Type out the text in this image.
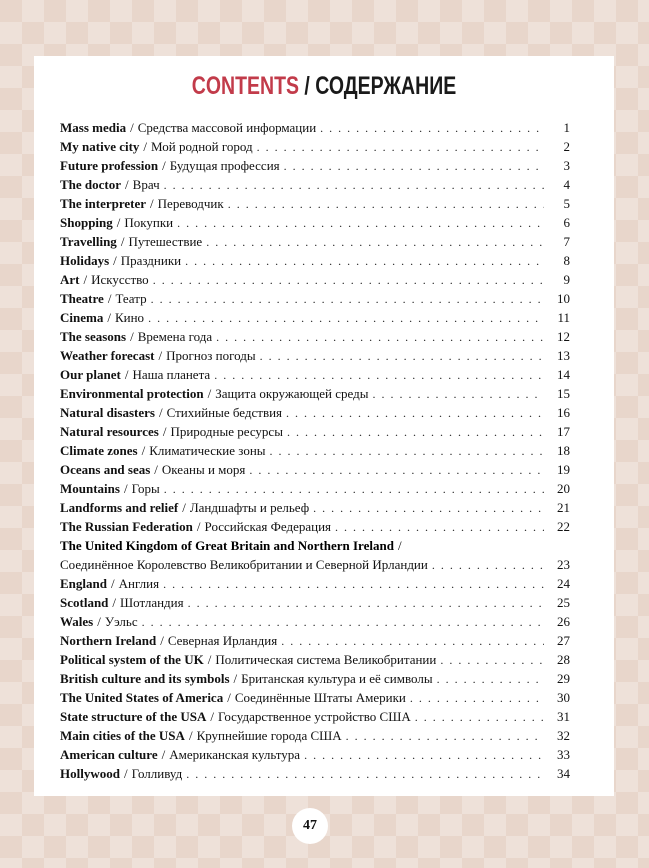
CONTENTS / СОДЕРЖАНИЕ
Mass media / Средства массовой информации . . .	1
My native city / Мой родной город . . .	2
Future profession / Будущая профессия . . .	3
The doctor / Врач . . .	4
The interpreter / Переводчик . . .	5
Shopping / Покупки . . .	6
Travelling / Путешествие . . .	7
Holidays / Праздники . . .	8
Art / Искусство . . .	9
Theatre / Театр . . .	10
Cinema / Кино . . .	11
The seasons / Времена года . . .	12
Weather forecast / Прогноз погоды . . .	13
Our planet / Наша планета . . .	14
Environmental protection / Защита окружающей среды . . .	15
Natural disasters / Стихийные бедствия . . .	16
Natural resources / Природные ресурсы . . .	17
Climate zones / Климатические зоны . . .	18
Oceans and seas / Океаны и моря . . .	19
Mountains / Горы . . .	20
Landforms and relief / Ландшафты и рельеф . . .	21
The Russian Federation / Российская Федерация . . .	22
The United Kingdom of Great Britain and Northern Ireland /
Соединённое Королевство Великобритании и Северной Ирландии . . .	23
England / Англия . . .	24
Scotland / Шотландия . . .	25
Wales / Уэльс . . .	26
Northern Ireland / Северная Ирландия . . .	27
Political system of the UK / Политическая система Великобритании . . .	28
British culture and its symbols / Британская культура и её символы . . .	29
The United States of America / Соединённые Штаты Америки . . .	30
State structure of the USA / Государственное устройство США . . .	31
Main cities of the USA / Крупнейшие города США . . .	32
American culture / Американская культура . . .	33
Hollywood / Голливуд . . .	34
47
